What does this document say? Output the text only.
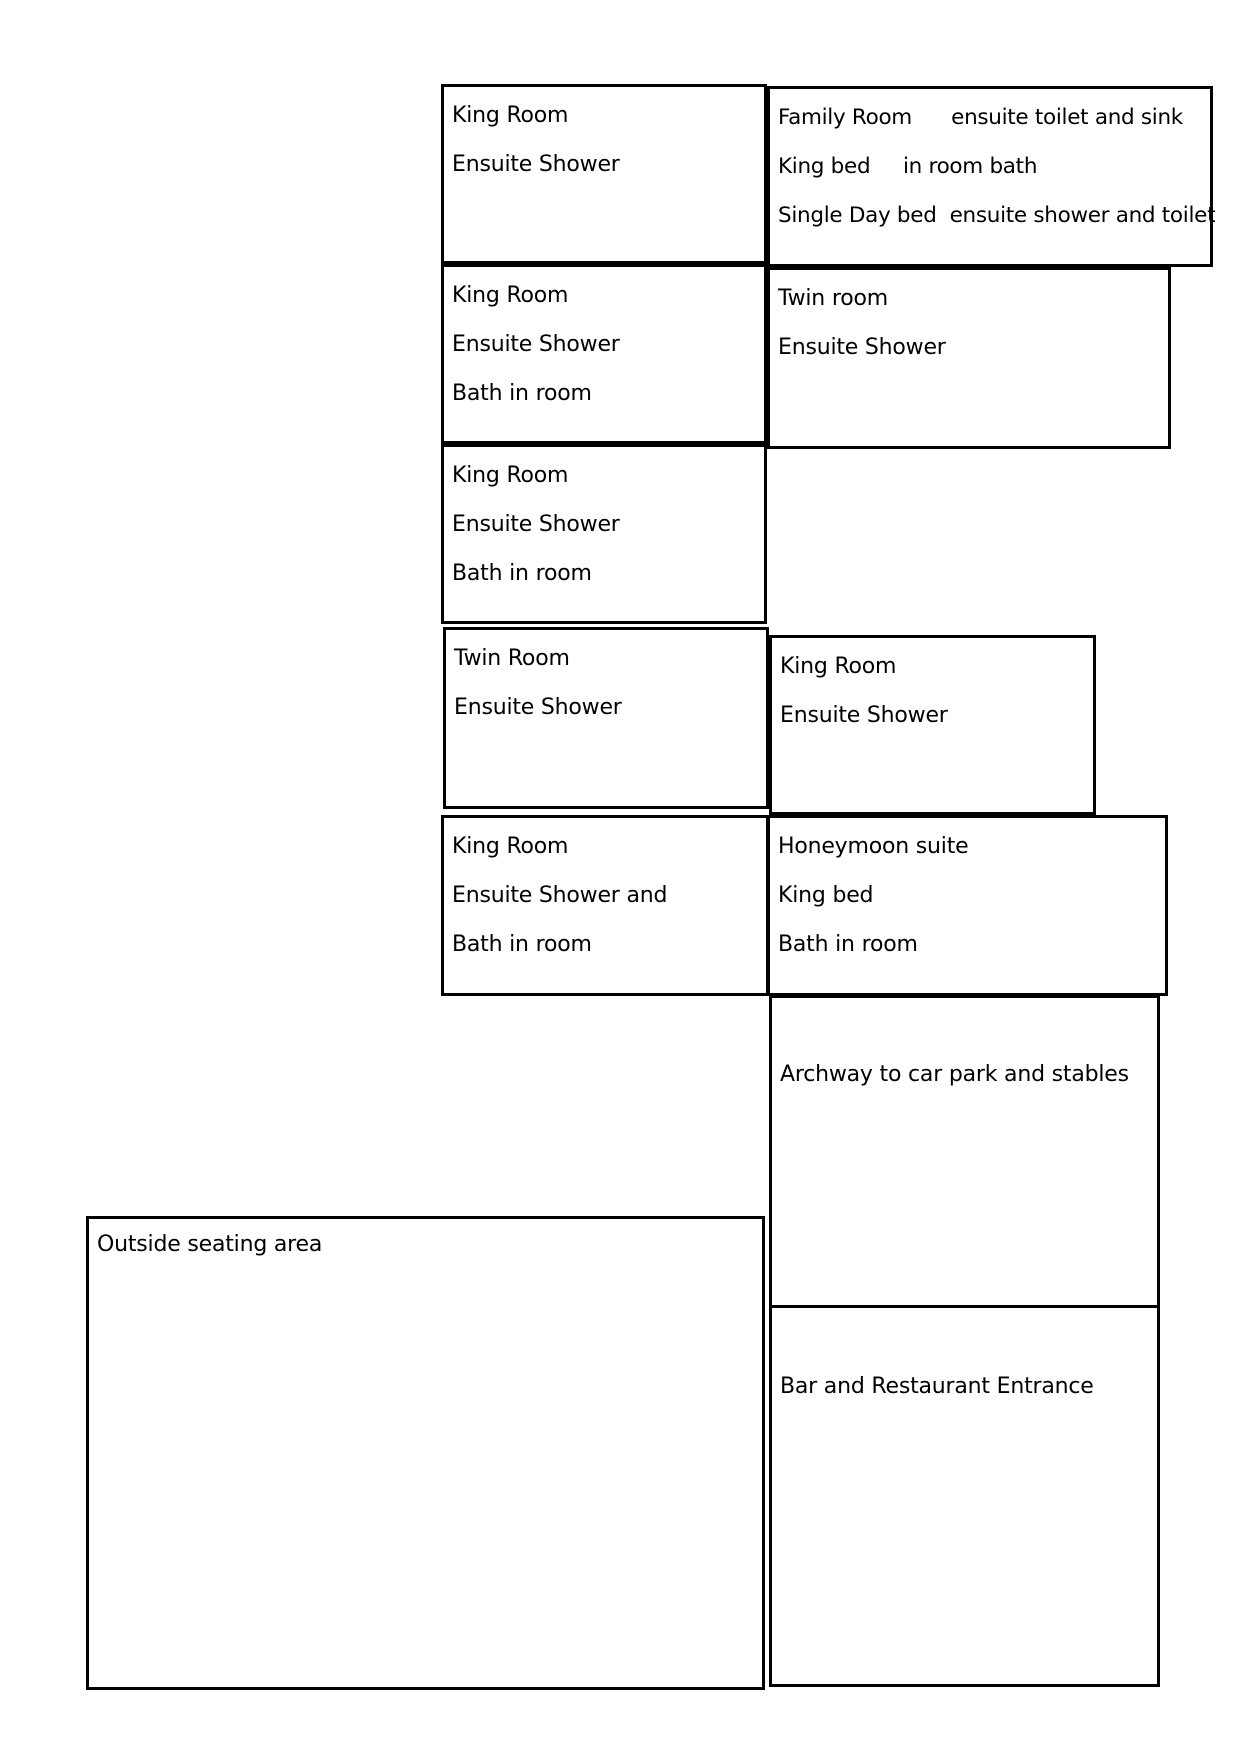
King Room
Ensuite Shower
Family Room      ensuite toilet and sink
King bed     in room bath
Single Day bed  ensuite shower and toilet
King Room
Ensuite Shower
Bath in room
Twin room
Ensuite Shower
King Room
Ensuite Shower
Bath in room
Twin Room
Ensuite Shower
King Room
Ensuite Shower
King Room
Ensuite Shower and
Bath in room
Honeymoon suite
King bed
Bath in room
Archway to car park and stables
Bar and Restaurant Entrance
Outside seating area
